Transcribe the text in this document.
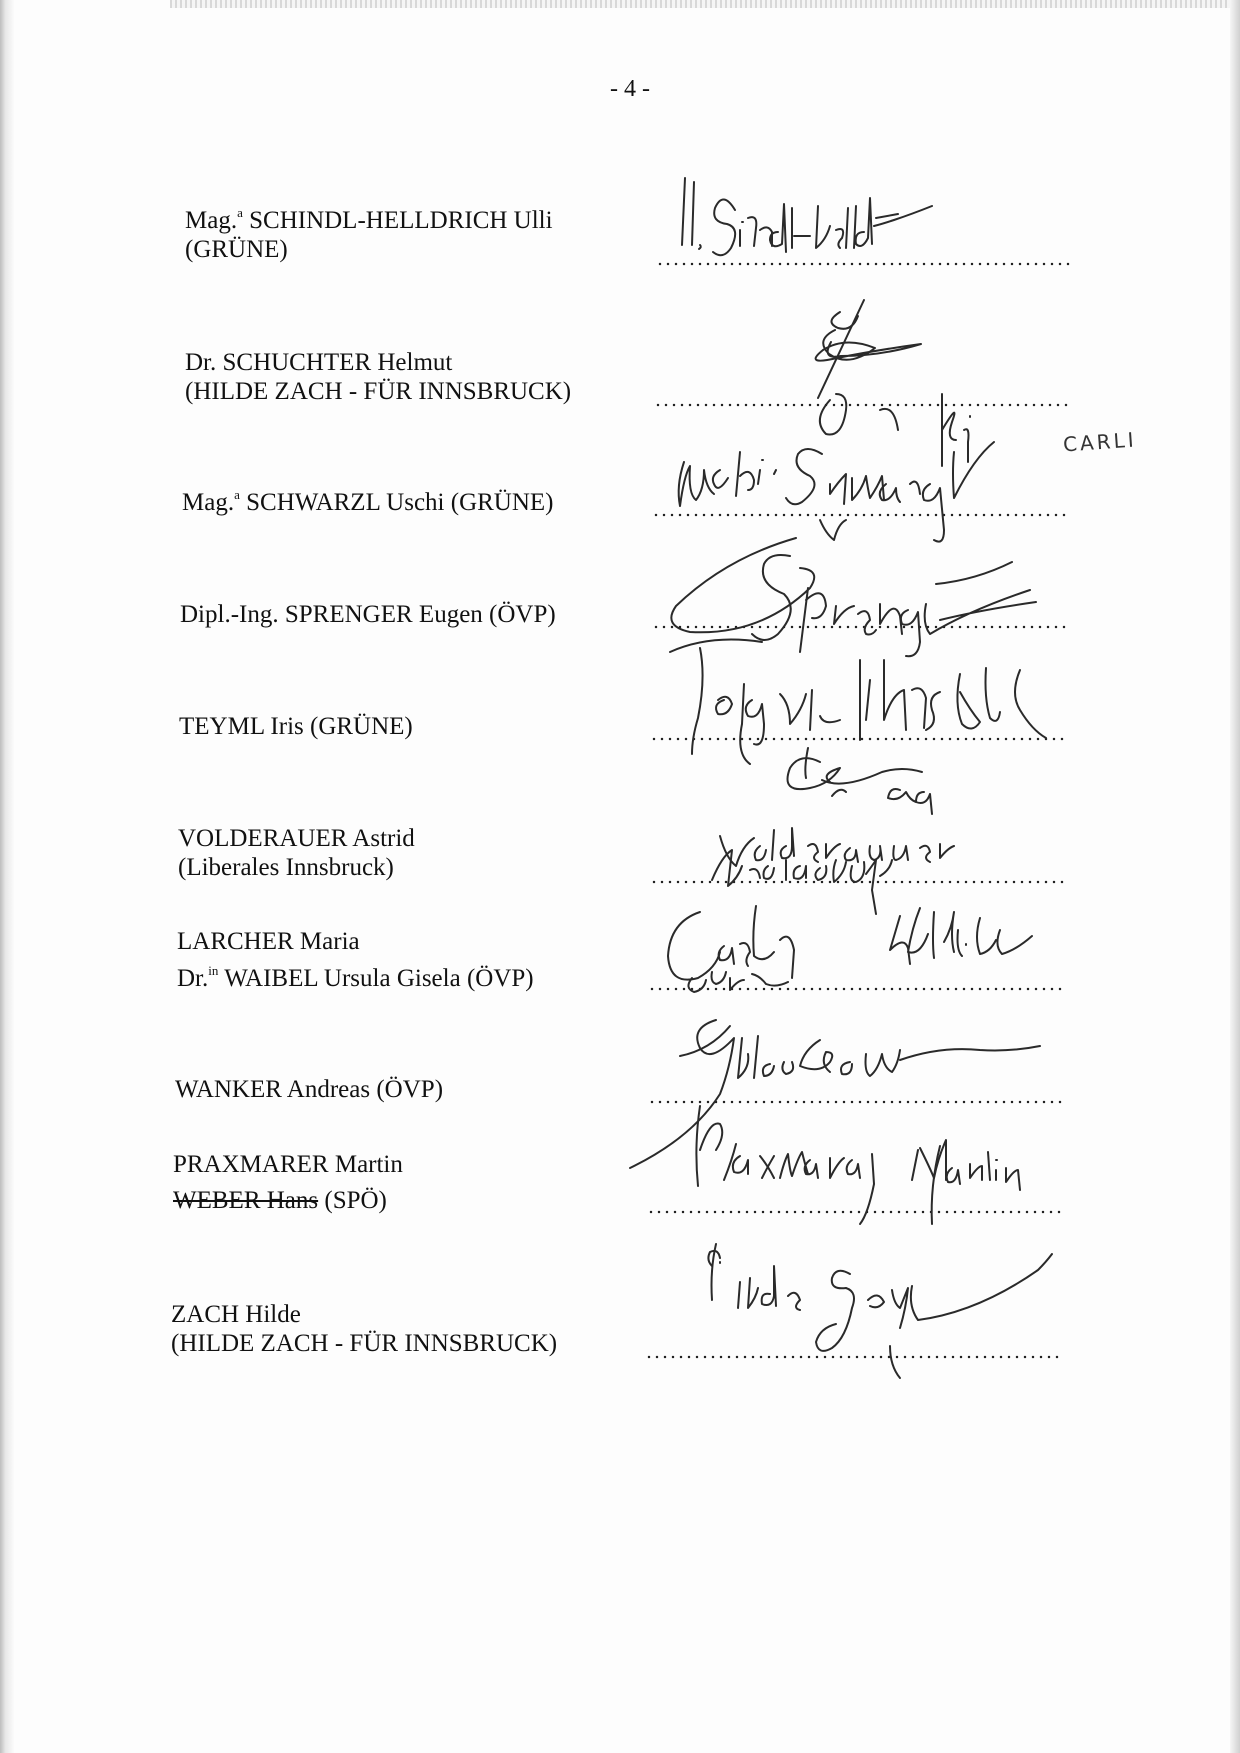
- 4 -
Mag.$^a$ SCHINDL-HELLDRICH Ulli
(GRÜNE)
Dr. SCHUCHTER Helmut
(HILDE ZACH - FÜR INNSBRUCK)
Mag.$^a$ SCHWARZL Uschi (GRÜNE)
Dipl.-Ing. SPRENGER Eugen (ÖVP)
TEYML Iris (GRÜNE)
VOLDERAUER Astrid
(Liberales Innsbruck)
LARCHER Maria
Dr.$^{in}$ WAIBEL Ursula Gisela (ÖVP)
WANKER Andreas (ÖVP)
PRAXMARER Martin
WEBER Hans (SPÖ)
ZACH Hilde
(HILDE ZACH - FÜR INNSBRUCK)
CARLI
